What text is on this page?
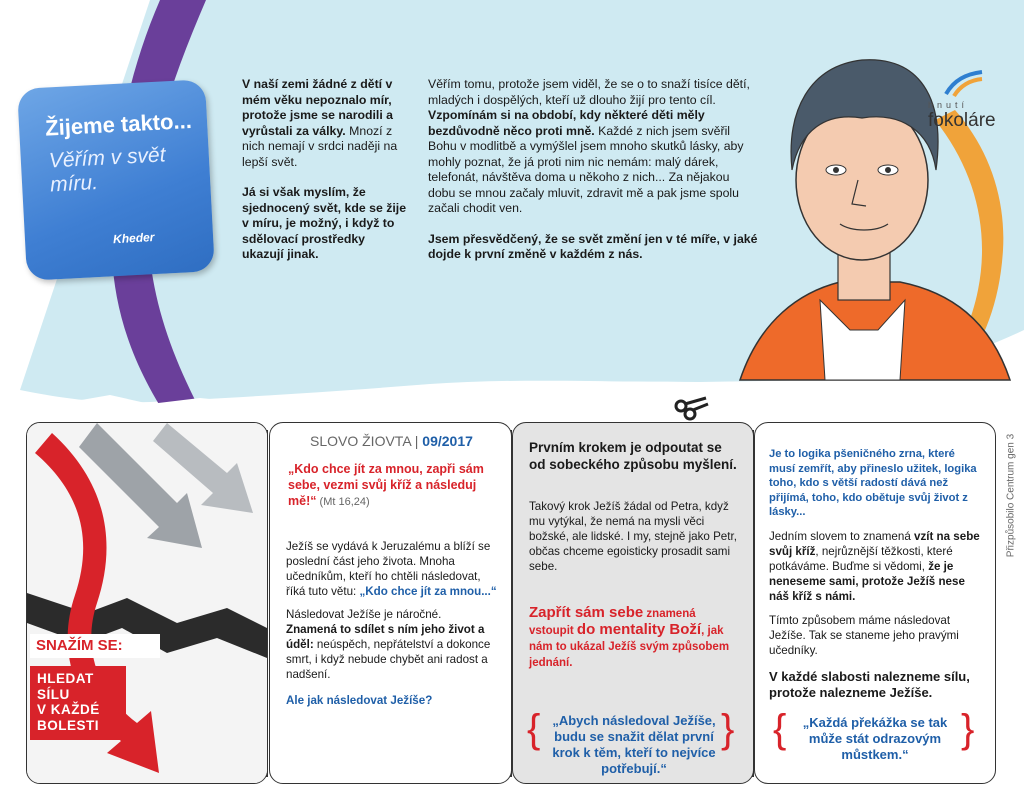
Žijeme takto...
Věřím v svět míru.
Kheder

V naší zemi žádné z dětí v mém věku nepoznalo mír, protože jsme se narodili a vyrůstali za války. Mnozí z nich nemají v srdci naději na lepší svět.

Já si však myslím, že sjednocený svět, kde se žije v míru, je možný, i když to sdělovací prostředky ukazují jinak.

Věřím tomu, protože jsem viděl, že se o to snaží tisíce dětí, mladých i dospělých, kteří už dlouho žijí pro tento cíl.

Vzpomínám si na období, kdy některé děti měly bezdůvodně něco proti mně. Každé z nich jsem svěřil Bohu v modlitbě a vymýšlel jsem mnoho skutků lásky, aby mohly poznat, že já proti nim nic nemám: malý dárek, telefonát, návštěva doma u někoho z nich... Za nějakou dobu se mnou začaly mluvit, zdravit mě a pak jsme spolu začali chodit ven.

Jsem přesvědčený, že se svět změní jen v té míře, v jaké dojde k první změně v každém z nás.

hnutí
fokoláre
SNAŽÍM SE:
HLEDAT
SÍLU
V KAŽDÉ
BOLESTI
SLOVO ŽIOVTA | 09/2017
„Kdo chce jít za mnou, zapři sám sebe, vezmi svůj kříž a následuj mě!“ (Mt 16,24)
Ježíš se vydává k Jeruzalému a blíží se poslední část jeho života. Mnoha učedníkům, kteří ho chtěli následovat, říká tuto větu: „Kdo chce jít za mnou...“
Následovat Ježíše je náročné.
Znamená to sdílet s ním jeho život a úděl: neúspěch, nepřátelství a dokonce smrt, i když nebude chybět ani radost a nadšení.
Ale jak následovat Ježíše?
Prvním krokem je odpoutat se od sobeckého způsobu myšlení.
Takový krok Ježíš žádal od Petra, když mu vytýkal, že nemá na mysli věci božské, ale lidské. I my, stejně jako Petr, občas chceme egoisticky prosadit sami sebe.
Zapřít sám sebe znamená vstoupit do mentality Boží, jak nám to ukázal Ježíš svým způsobem jednání.
{ „Abych následoval Ježíše, budu se snažit dělat první krok k těm, kteří to nejvíce potřebují.“
}
Je to logika pšeničného zrna, které musí zemřít, aby přineslo užitek, logika toho, kdo s větší radostí dává než přijímá, toho, kdo obětuje svůj život z lásky...
Jedním slovem to znamená vzít na sebe svůj kříž, nejrůznější těžkosti, které potkáváme. Buďme si vědomi, že je neneseme sami, protože Ježíš nese náš kříž s námi.
Tímto způsobem máme následovat Ježíše. Tak se staneme jeho pravými učedníky.
V každé slabosti nalezneme sílu, protože nalezneme Ježíše.
{	„Každá překážka se tak může stát odrazovým můstkem.“
}
Přizpůsobilo Centrum gen 3
